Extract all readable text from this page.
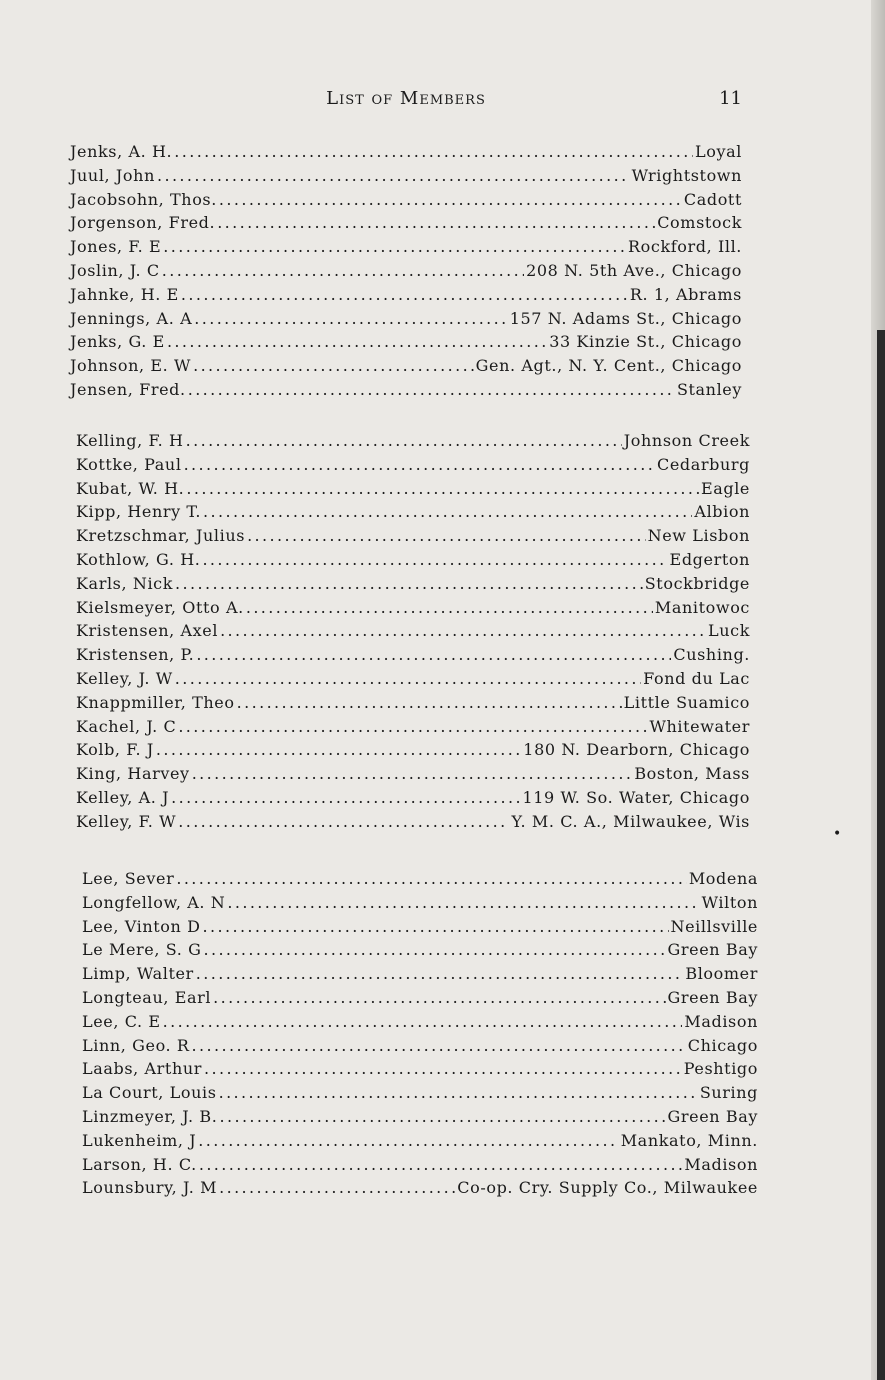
List of Members	11
Jenks, A. H. .....	Loyal
Juul, John .....	Wrightstown
Jacobsohn, Thos. .....	Cadott
Jorgenson, Fred. .....	Comstock
Jones, F. E .....	Rockford, Ill.
Joslin, J. C .....	208 N. 5th Ave., Chicago
Jahnke, H. E .....	R. 1, Abrams
Jennings, A. A .....	157 N. Adams St., Chicago
Jenks, G. E .....	33 Kinzie St., Chicago
Johnson, E. W .....	Gen. Agt., N. Y. Cent., Chicago
Jensen, Fred. .....	Stanley
Kelling, F. H .....	Johnson Creek
Kottke, Paul .....	Cedarburg
Kubat, W. H. .....	Eagle
Kipp, Henry T. .....	Albion
Kretzschmar, Julius .....	New Lisbon
Kothlow, G. H. .....	Edgerton
Karls, Nick .....	Stockbridge
Kielsmeyer, Otto A. .....	Manitowoc
Kristensen, Axel .....	Luck
Kristensen, P. .....	Cushing.
Kelley, J. W .....	Fond du Lac
Knappmiller, Theo .....	Little Suamico
Kachel, J. C .....	Whitewater
Kolb, F. J .....	180 N. Dearborn, Chicago
King, Harvey .....	Boston, Mass
Kelley, A. J .....	119 W. So. Water, Chicago
Kelley, F. W .....	Y. M. C. A., Milwaukee, Wis
Lee, Sever .....	Modena
Longfellow, A. N .....	Wilton
Lee, Vinton D .....	Neillsville
Le Mere, S. G .....	Green Bay
Limp, Walter .....	Bloomer
Longteau, Earl .....	Green Bay
Lee, C. E .....	Madison
Linn, Geo. R .....	Chicago
Laabs, Arthur .....	Peshtigo
La Court, Louis .....	Suring
Linzmeyer, J. B. .....	Green Bay
Lukenheim, J .....	Mankato, Minn.
Larson, H. C. .....	Madison
Lounsbury, J. M .....	Co-op. Cry. Supply Co., Milwaukee
•
